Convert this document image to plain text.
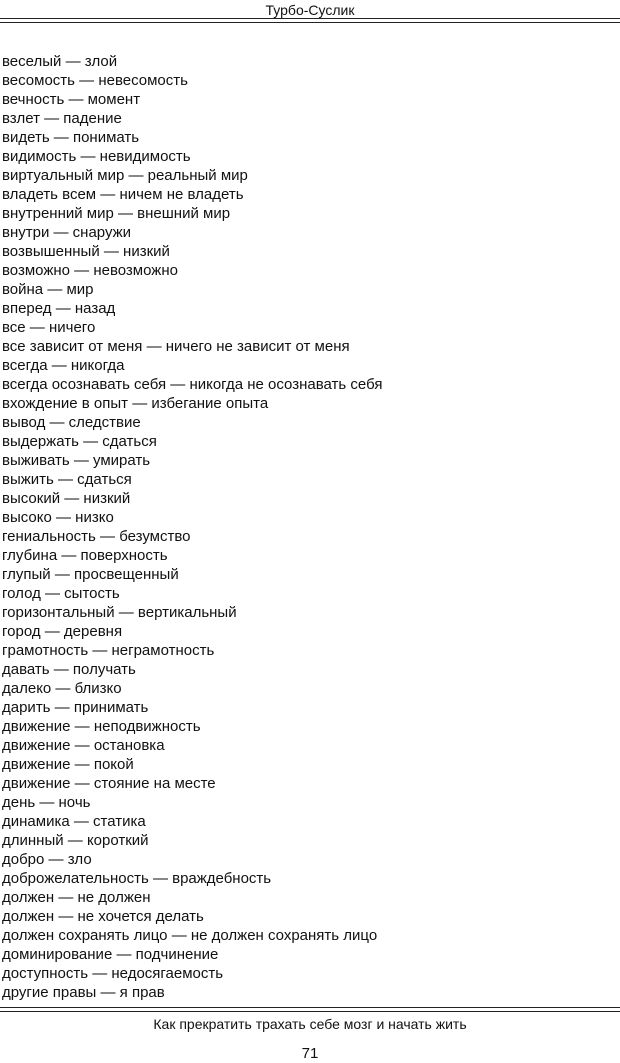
Турбо-Суслик
веселый — злой
весомость — невесомость
вечность — момент
взлет — падение
видеть — понимать
видимость — невидимость
виртуальный мир — реальный мир
владеть всем — ничем не владеть
внутренний мир — внешний мир
внутри — снаружи
возвышенный — низкий
возможно — невозможно
война — мир
вперед — назад
все — ничего
все зависит от меня — ничего не зависит от меня
всегда — никогда
всегда осознавать себя — никогда не осознавать себя
вхождение в опыт — избегание опыта
вывод — следствие
выдержать — сдаться
выживать — умирать
выжить — сдаться
высокий — низкий
высоко — низко
гениальность — безумство
глубина — поверхность
глупый — просвещенный
голод — сытость
горизонтальный — вертикальный
город — деревня
грамотность — неграмотность
давать — получать
далеко — близко
дарить — принимать
движение — неподвижность
движение — остановка
движение — покой
движение — стояние на месте
день — ночь
динамика — статика
длинный — короткий
добро — зло
доброжелательность — враждебность
должен — не должен
должен — не хочется делать
должен сохранять лицо — не должен сохранять лицо
доминирование — подчинение
доступность — недосягаемость
другие правы — я прав
Как прекратить трахать себе мозг и начать жить
71
